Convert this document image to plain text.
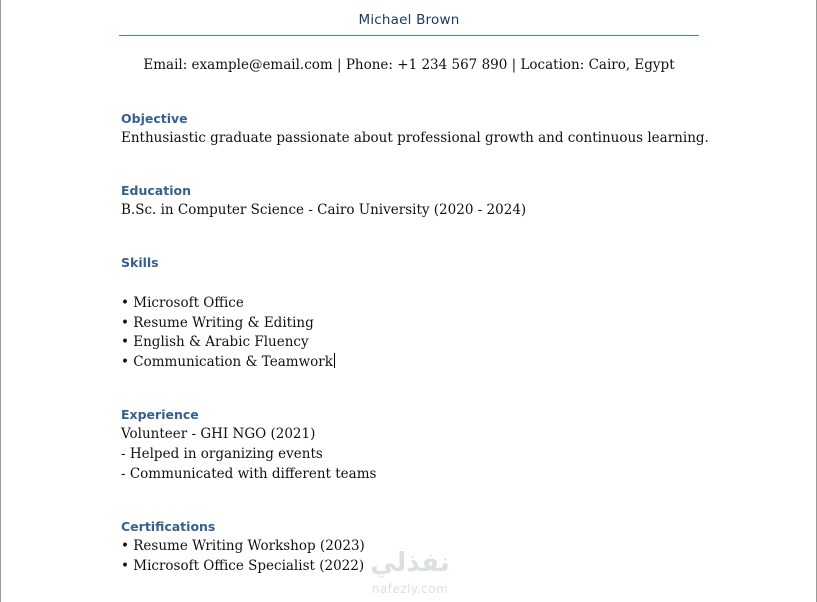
Michael Brown
Email: example@email.com | Phone: +1 234 567 890 | Location: Cairo, Egypt
Objective
Enthusiastic graduate passionate about professional growth and continuous learning.
Education
B.Sc. in Computer Science - Cairo University (2020 - 2024)
Skills
• Microsoft Office
• Resume Writing & Editing
• English & Arabic Fluency
• Communication & Teamwork
Experience
Volunteer - GHI NGO (2021)
- Helped in organizing events
- Communicated with different teams
Certifications
• Resume Writing Workshop (2023)
• Microsoft Office Specialist (2022) نفذلي
nafezly.com
